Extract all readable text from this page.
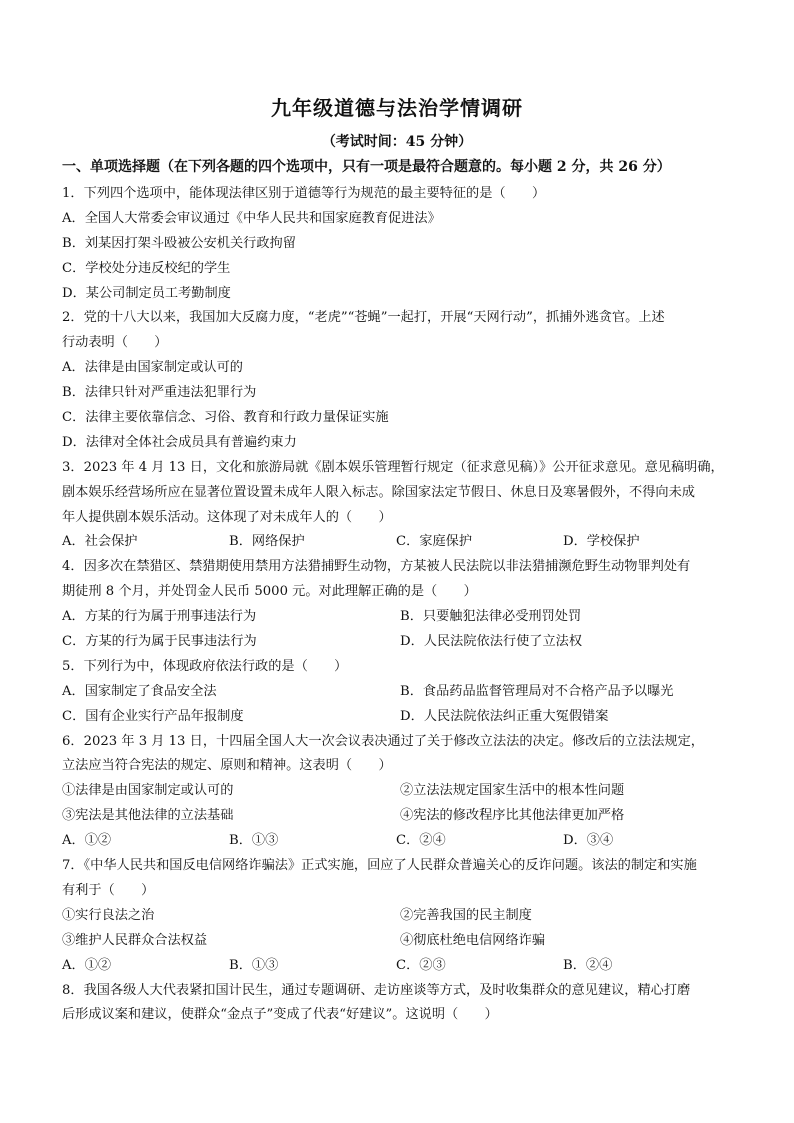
九年级道德与法治学情调研
（考试时间：45 分钟）
一、单项选择题（在下列各题的四个选项中，只有一项是最符合题意的。每小题 2 分，共 26 分）
1．下列四个选项中，能体现法律区别于道德等行为规范的最主要特征的是（　　）
A．全国人大常委会审议通过《中华人民共和国家庭教育促进法》
B．刘某因打架斗殴被公安机关行政拘留
C．学校处分违反校纪的学生
D．某公司制定员工考勤制度
2．党的十八大以来，我国加大反腐力度，“老虎”“苍蝇”一起打，开展“天网行动”，抓捕外逃贪官。上述
行动表明（　　）
A．法律是由国家制定或认可的
B．法律只针对严重违法犯罪行为
C．法律主要依靠信念、习俗、教育和行政力量保证实施
D．法律对全体社会成员具有普遍约束力
3．2023 年 4 月 13 日，文化和旅游局就《剧本娱乐管理暂行规定（征求意见稿）》公开征求意见。意见稿明确，
剧本娱乐经营场所应在显著位置设置未成年人限入标志。除国家法定节假日、休息日及寒暑假外，不得向未成
年人提供剧本娱乐活动。这体现了对未成年人的（　　）
A．社会保护	B．网络保护	C．家庭保护	D．学校保护
4．因多次在禁猎区、禁猎期使用禁用方法猎捕野生动物，方某被人民法院以非法猎捕濒危野生动物罪判处有
期徒刑 8 个月，并处罚金人民币 5000 元。对此理解正确的是（　　）
A．方某的行为属于刑事违法行为	B．只要触犯法律必受刑罚处罚
C．方某的行为属于民事违法行为	D．人民法院依法行使了立法权
5．下列行为中，体现政府依法行政的是（　　）
A．国家制定了食品安全法	B．食品药品监督管理局对不合格产品予以曝光
C．国有企业实行产品年报制度	D．人民法院依法纠正重大冤假错案
6．2023 年 3 月 13 日，十四届全国人大一次会议表决通过了关于修改立法法的决定。修改后的立法法规定，
立法应当符合宪法的规定、原则和精神。这表明（　　）
①法律是由国家制定或认可的	②立法法规定国家生活中的根本性问题
③宪法是其他法律的立法基础	④宪法的修改程序比其他法律更加严格
A．①②	B．①③	C．②④	D．③④
7．《中华人民共和国反电信网络诈骗法》正式实施，回应了人民群众普遍关心的反诈问题。该法的制定和实施
有利于（　　）
①实行良法之治	②完善我国的民主制度
③维护人民群众合法权益	④彻底杜绝电信网络诈骗
A．①②	B．①③	C．②③	B．②④
8．我国各级人大代表紧扣国计民生，通过专题调研、走访座谈等方式，及时收集群众的意见建议，精心打磨
后形成议案和建议，使群众“金点子”变成了代表“好建议”。这说明（　　）
